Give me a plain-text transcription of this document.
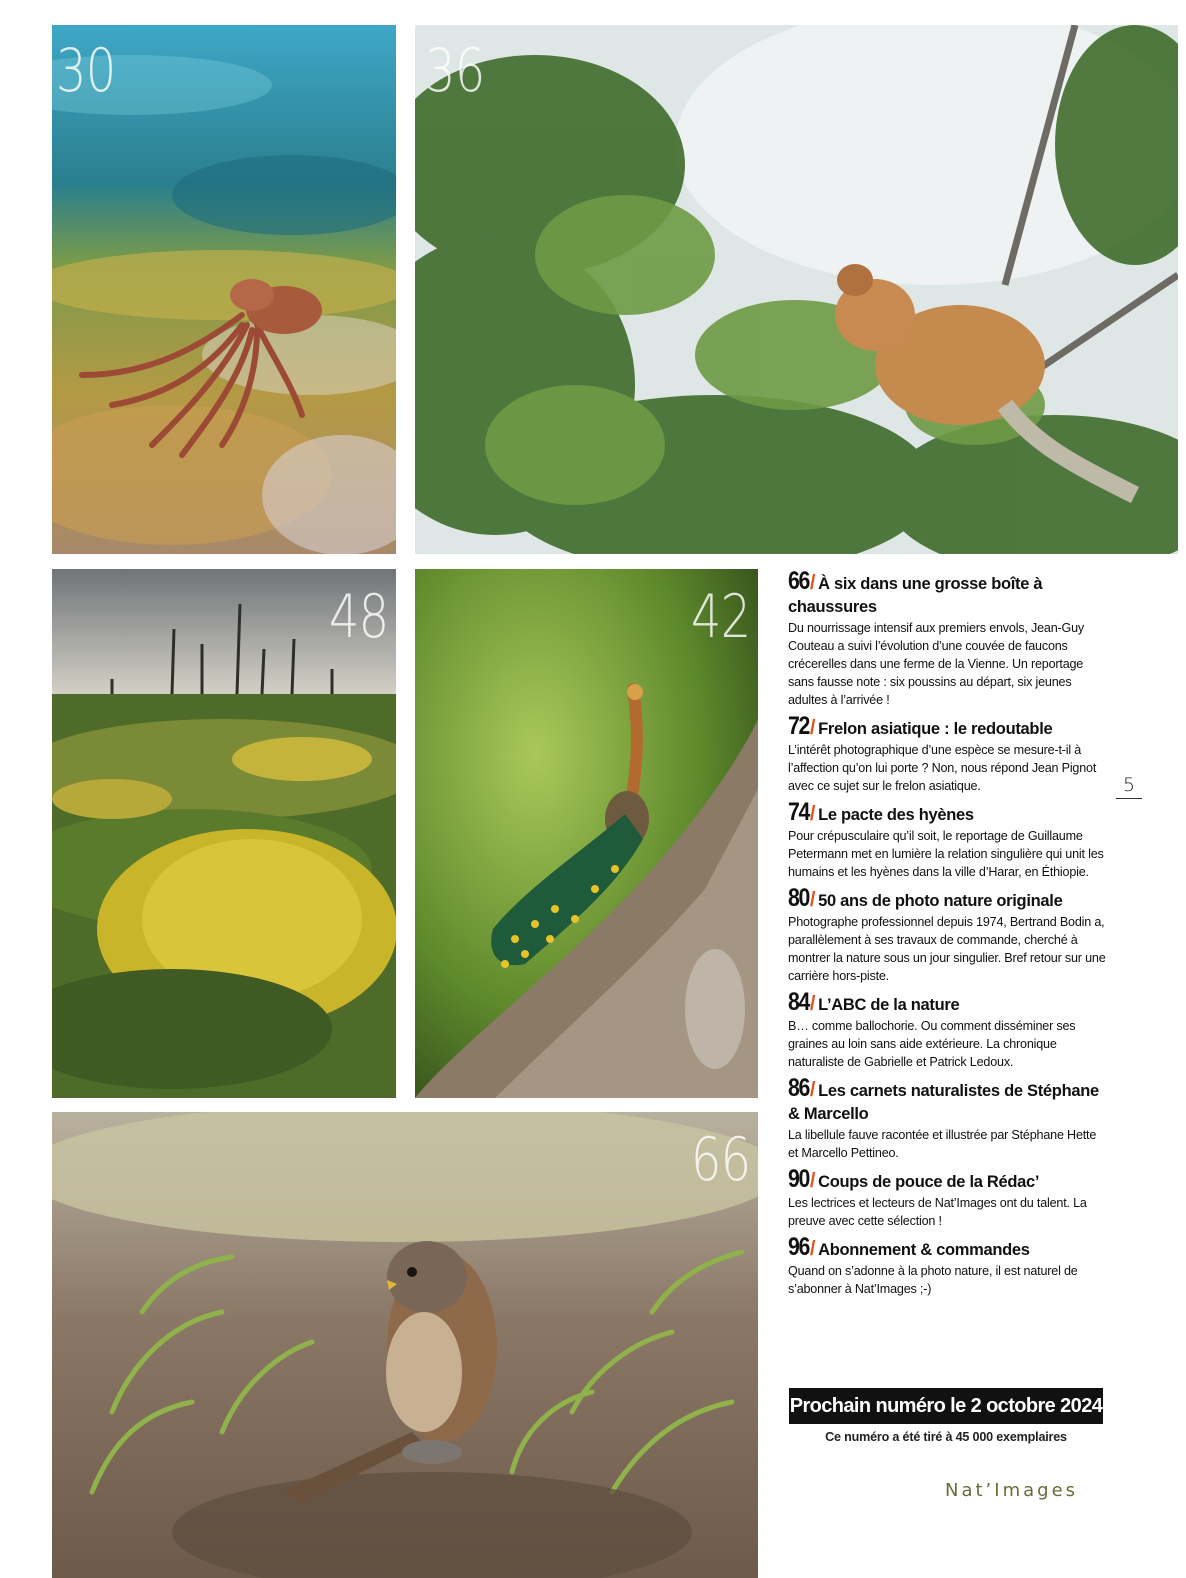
30	36
48	42
66
66/ À six dans une grosse boîte à chaussures
Du nourrissage intensif aux premiers envols, Jean-Guy Couteau a suivi l’évolution d’une couvée de faucons crécerelles dans une ferme de la Vienne. Un reportage sans fausse note : six poussins au départ, six jeunes adultes à l’arrivée !
72/ Frelon asiatique : le redoutable
L’intérêt photographique d’une espèce se mesure-t-il à l’affection qu’on lui porte ? Non, nous répond Jean Pignot avec ce sujet sur le frelon asiatique.
74/ Le pacte des hyènes
Pour crépusculaire qu’il soit, le reportage de Guillaume Petermann met en lumière la relation singulière qui unit les humains et les hyènes dans la ville d’Harar, en Éthiopie.
80/ 50 ans de photo nature originale
Photographe professionnel depuis 1974, Bertrand Bodin a, parallèlement à ses travaux de commande, cherché à montrer la nature sous un jour singulier. Bref retour sur une carrière hors-piste.
84/ L’ABC de la nature
B… comme ballochorie. Ou comment disséminer ses graines au loin sans aide extérieure. La chronique naturaliste de Gabrielle et Patrick Ledoux.
86/ Les carnets naturalistes de Stéphane & Marcello
La libellule fauve racontée et illustrée par Stéphane Hette et Marcello Pettineo.
90/ Coups de pouce de la Rédac’
Les lectrices et lecteurs de Nat’Images ont du talent. La preuve avec cette sélection !
96/ Abonnement & commandes
Quand on s’adonne à la photo nature, il est naturel de s’abonner à Nat’Images ;-)
5
Prochain numéro le 2 octobre 2024
Ce numéro a été tiré à 45 000 exemplaires
Nat’Images
